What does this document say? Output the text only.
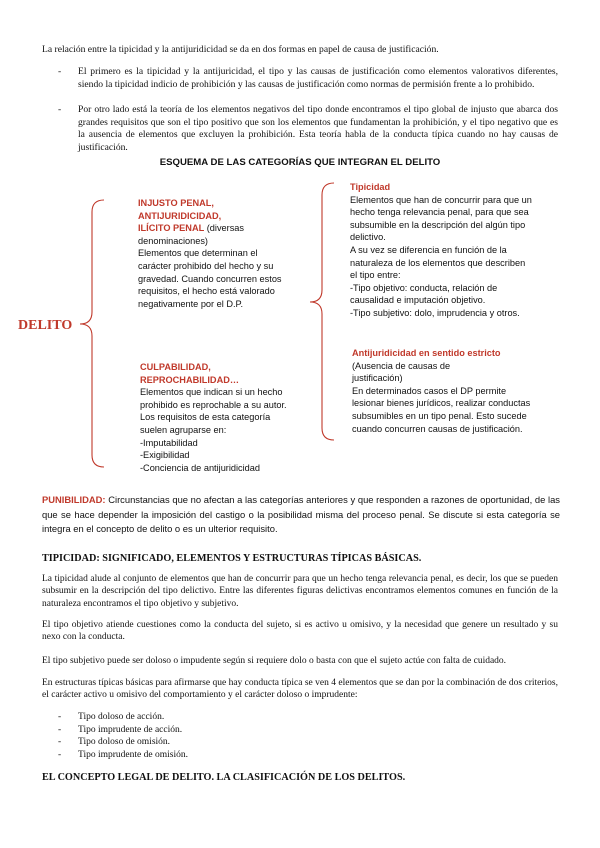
La relación entre la tipicidad y la antijuridicidad se da en dos formas en papel de causa de justificación.
- El primero es la tipicidad y la antijuricidad, el tipo y las causas de justificación como elementos valorativos diferentes, siendo la tipicidad indicio de prohibición y las causas de justificación como normas de permisión frente a lo prohibido.
- Por otro lado está la teoría de los elementos negativos del tipo donde encontramos el tipo global de injusto que abarca dos grandes requisitos que son el tipo positivo que son los elementos que fundamentan la prohibición, y el tipo negativo que es la ausencia de elementos que excluyen la prohibición. Esta teoría habla de la conducta típica cuando no hay causas de justificación.
ESQUEMA DE LAS CATEGORÍAS QUE INTEGRAN EL DELITO
DELITO
INJUSTO PENAL,
ANTIJURIDICIDAD,
ILÍCITO PENAL (diversas
denominaciones)
Elementos que determinan el
carácter prohibido del hecho y su
gravedad. Cuando concurren estos
requisitos, el hecho está valorado
negativamente por el D.P.
CULPABILIDAD,
REPROCHABILIDAD…
Elementos que indican si un hecho
prohibido es reprochable a su autor.
Los requisitos de esta categoría
suelen agruparse en:
-Imputabilidad
-Exigibilidad
-Conciencia de antijuridicidad
Tipicidad
Elementos que han de concurrir para que un
hecho tenga relevancia penal, para que sea
subsumible en la descripción del algún tipo
delictivo.
A su vez se diferencia en función de la
naturaleza de los elementos que describen
el tipo entre:
-Tipo objetivo: conducta, relación de
causalidad e imputación objetivo.
-Tipo subjetivo: dolo, imprudencia y otros.
Antijuridicidad en sentido estricto
(Ausencia de causas de
justificación)
En determinados casos el DP permite
lesionar bienes jurídicos, realizar conductas
subsumibles en un tipo penal. Esto sucede
cuando concurren causas de justificación.
PUNIBILIDAD: Circunstancias que no afectan a las categorías anteriores y que responden a razones de oportunidad, de las que se hace depender la imposición del castigo o la posibilidad misma del proceso penal. Se discute si esta categoría se integra en el concepto de delito o es un ulterior requisito.
TIPICIDAD: SIGNIFICADO, ELEMENTOS Y ESTRUCTURAS TÍPICAS BÁSICAS.
La tipicidad alude al conjunto de elementos que han de concurrir para que un hecho tenga relevancia penal, es decir, los que se pueden subsumir en la descripción del tipo delictivo. Entre las diferentes figuras delictivas encontramos elementos comunes en función de la naturaleza encontramos el tipo objetivo y subjetivo.
El tipo objetivo atiende cuestiones como la conducta del sujeto, si es activo u omisivo, y la necesidad que genere un resultado y su nexo con la conducta.
El tipo subjetivo puede ser doloso o impudente según si requiere dolo o basta con que el sujeto actúe con falta de cuidado.
En estructuras típicas básicas para afirmarse que hay conducta típica se ven 4 elementos que se dan por la combinación de dos criterios, el carácter activo u omisivo del comportamiento y el carácter doloso o imprudente:
- Tipo doloso de acción.
- Tipo imprudente de acción.
- Tipo doloso de omisión.
- Tipo imprudente de omisión.
EL CONCEPTO LEGAL DE DELITO. LA CLASIFICACIÓN DE LOS DELITOS.
